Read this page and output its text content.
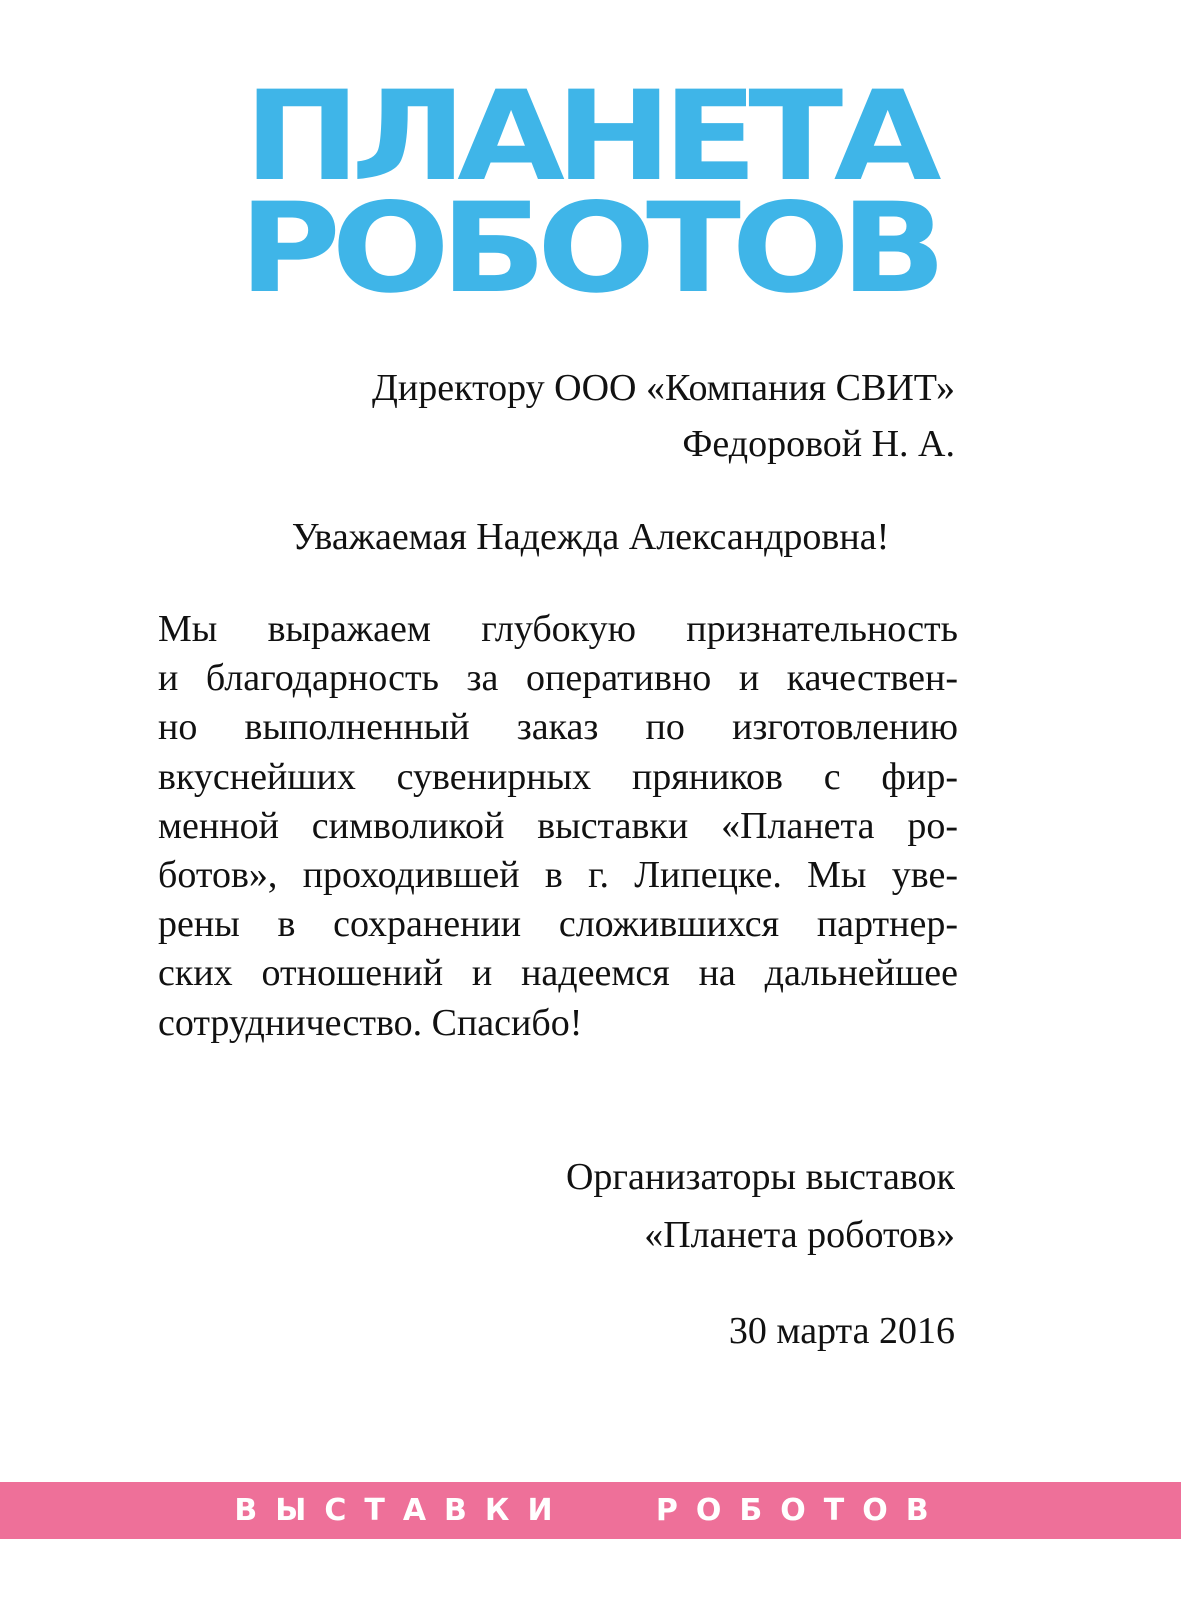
ПЛАНЕТА
РОБОТОВ
Директору ООО «Компания СВИТ»
Федоровой Н. А.
Уважаемая Надежда Александровна!
Мы выражаем глубокую признательность
и благодарность за оперативно и качествен-
но выполненный заказ по изготовлению
вкуснейших сувенирных пряников с фир-
менной символикой выставки «Планета ро-
ботов», проходившей в г. Липецке. Мы уве-
рены в сохранении сложившихся партнер-
ских отношений и надеемся на дальнейшее
сотрудничество. Спасибо!
Организаторы выставок
«Планета роботов»
30 марта 2016
ВЫСТАВКИ   РОБОТОВ
